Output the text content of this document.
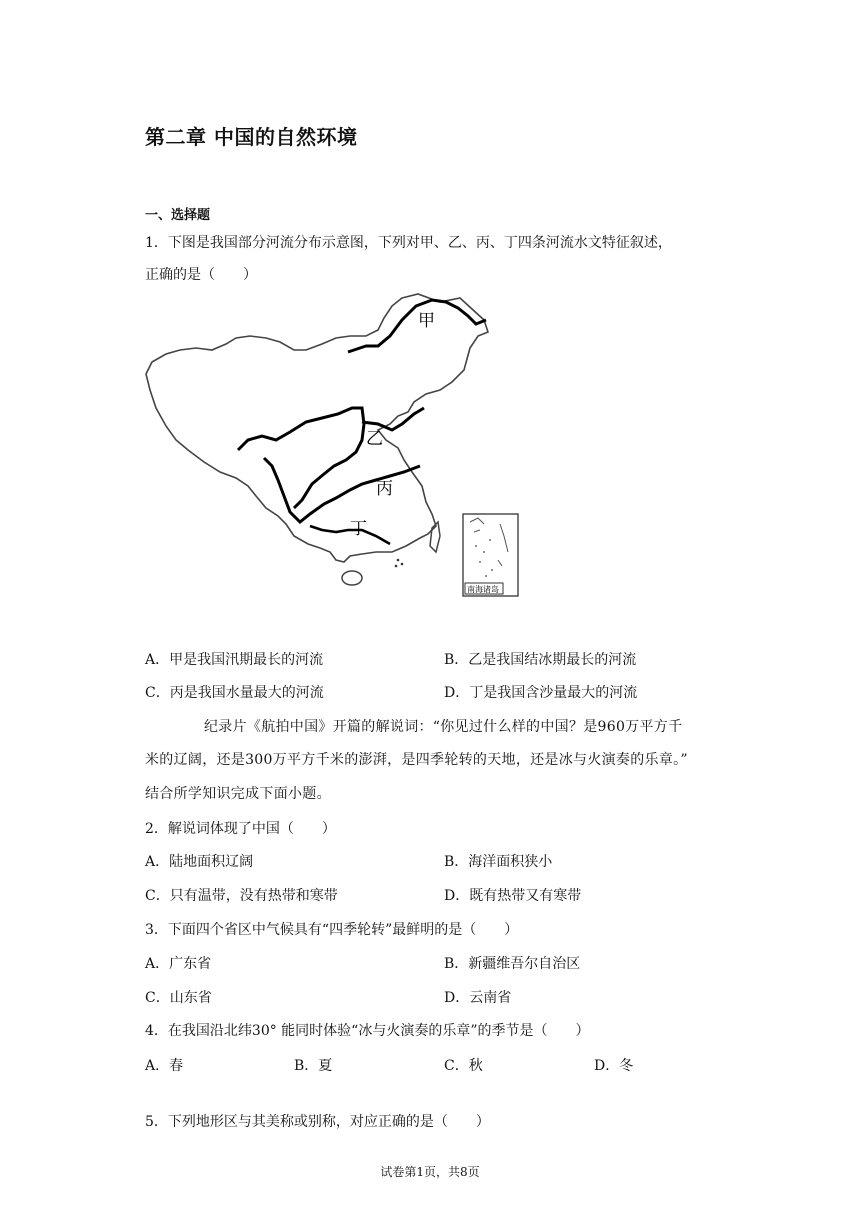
第二章 中国的自然环境
一、选择题
1．下图是我国部分河流分布示意图，下列对甲、乙、丙、丁四条河流水文特征叙述，
正确的是（　　）
甲
乙
丙
丁
南海诸岛
A．甲是我国汛期最长的河流	B．乙是我国结冰期最长的河流
C．丙是我国水量最大的河流	D．丁是我国含沙量最大的河流
纪录片《航拍中国》开篇的解说词：“你见过什么样的中国？是960万平方千
米的辽阔，还是300万平方千米的澎湃，是四季轮转的天地，还是冰与火演奏的乐章。”
结合所学知识完成下面小题。
2．解说词体现了中国（　　）
A．陆地面积辽阔	B．海洋面积狭小
C．只有温带，没有热带和寒带	D．既有热带又有寒带
3．下面四个省区中气候具有“四季轮转”最鲜明的是（　　）
A．广东省	B．新疆维吾尔自治区
C．山东省	D．云南省
4．在我国沿北纬30° 能同时体验“冰与火演奏的乐章”的季节是（　　）
A．春	B．夏	C．秋	D．冬
5．下列地形区与其美称或别称，对应正确的是（　　）
试卷第1页，共8页
